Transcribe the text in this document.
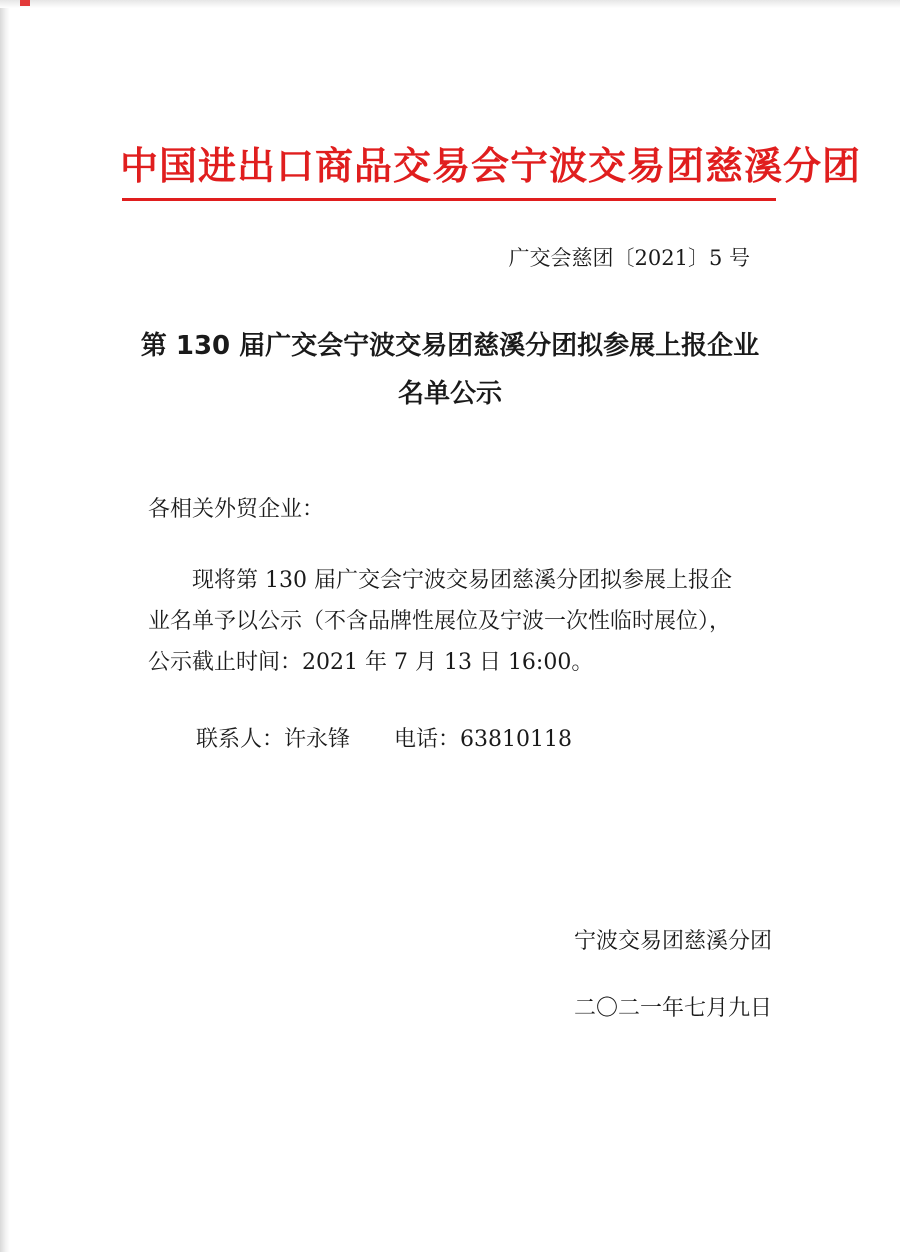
中国进出口商品交易会宁波交易团慈溪分团
广交会慈团〔2021〕5 号
第 130 届广交会宁波交易团慈溪分团拟参展上报企业
名单公示
各相关外贸企业：
现将第 130 届广交会宁波交易团慈溪分团拟参展上报企
业名单予以公示（不含品牌性展位及宁波一次性临时展位），
公示截止时间：2021 年 7 月 13 日 16:00。
联系人：许永锋 电话：63810118
宁波交易团慈溪分团
二〇二一年七月九日
